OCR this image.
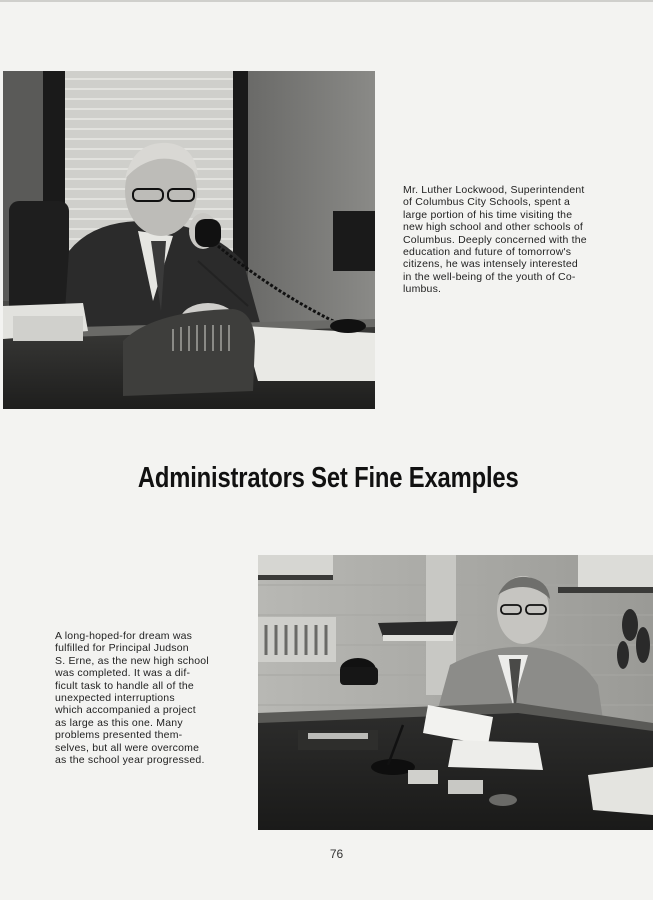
Mr. Luther Lockwood, Superintendent
of Columbus City Schools, spent a
large portion of his time visiting the
new high school and other schools of
Columbus. Deeply concerned with the
education and future of tomorrow's
citizens, he was intensely interested
in the well-being of the youth of Co-
lumbus.
Administrators Set Fine Examples
A long-hoped-for dream was
fulfilled for Principal Judson
S. Erne, as the new high school
was completed. It was a dif-
ficult task to handle all of the
unexpected interruptions
which accompanied a project
as large as this one. Many
problems presented them-
selves, but all were overcome
as the school year progressed.
76
